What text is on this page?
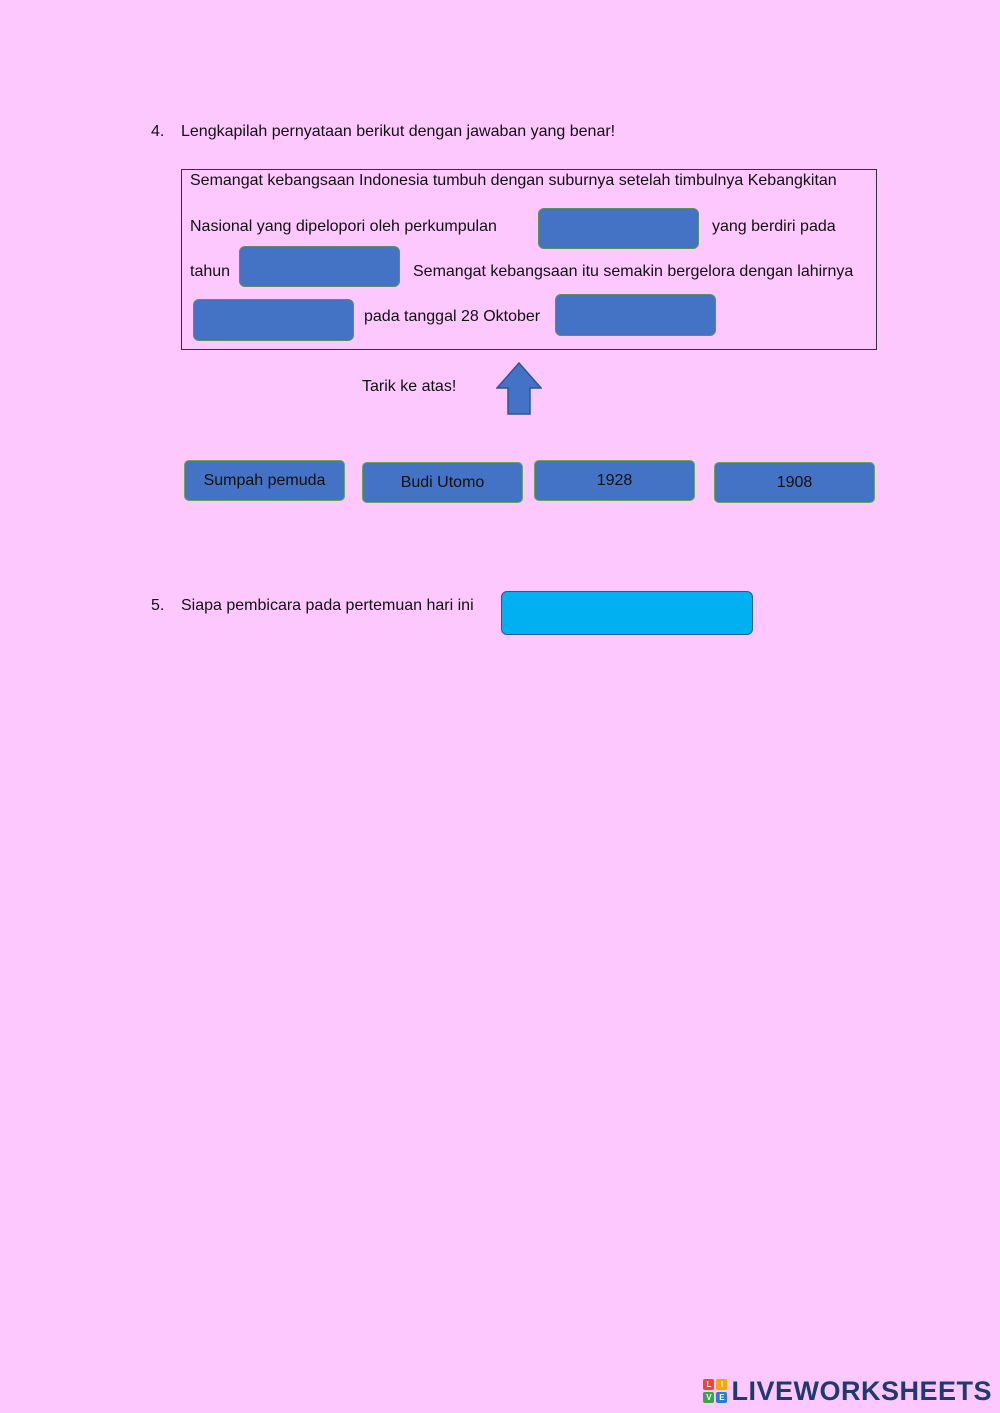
4. Lengkapilah pernyataan berikut dengan jawaban yang benar!
Semangat kebangsaan Indonesia tumbuh dengan suburnya setelah timbulnya Kebangkitan
Nasional yang dipelopori oleh perkumpulan	yang berdiri pada
tahun	Semangat kebangsaan itu semakin bergelora dengan lahirnya
pada tanggal 28 Oktober
Tarik ke atas!
Sumpah pemuda	Budi Utomo	1928	1908
5. Siapa pembicara pada pertemuan hari ini
L	I
V E LIVEWORKSHEETS
